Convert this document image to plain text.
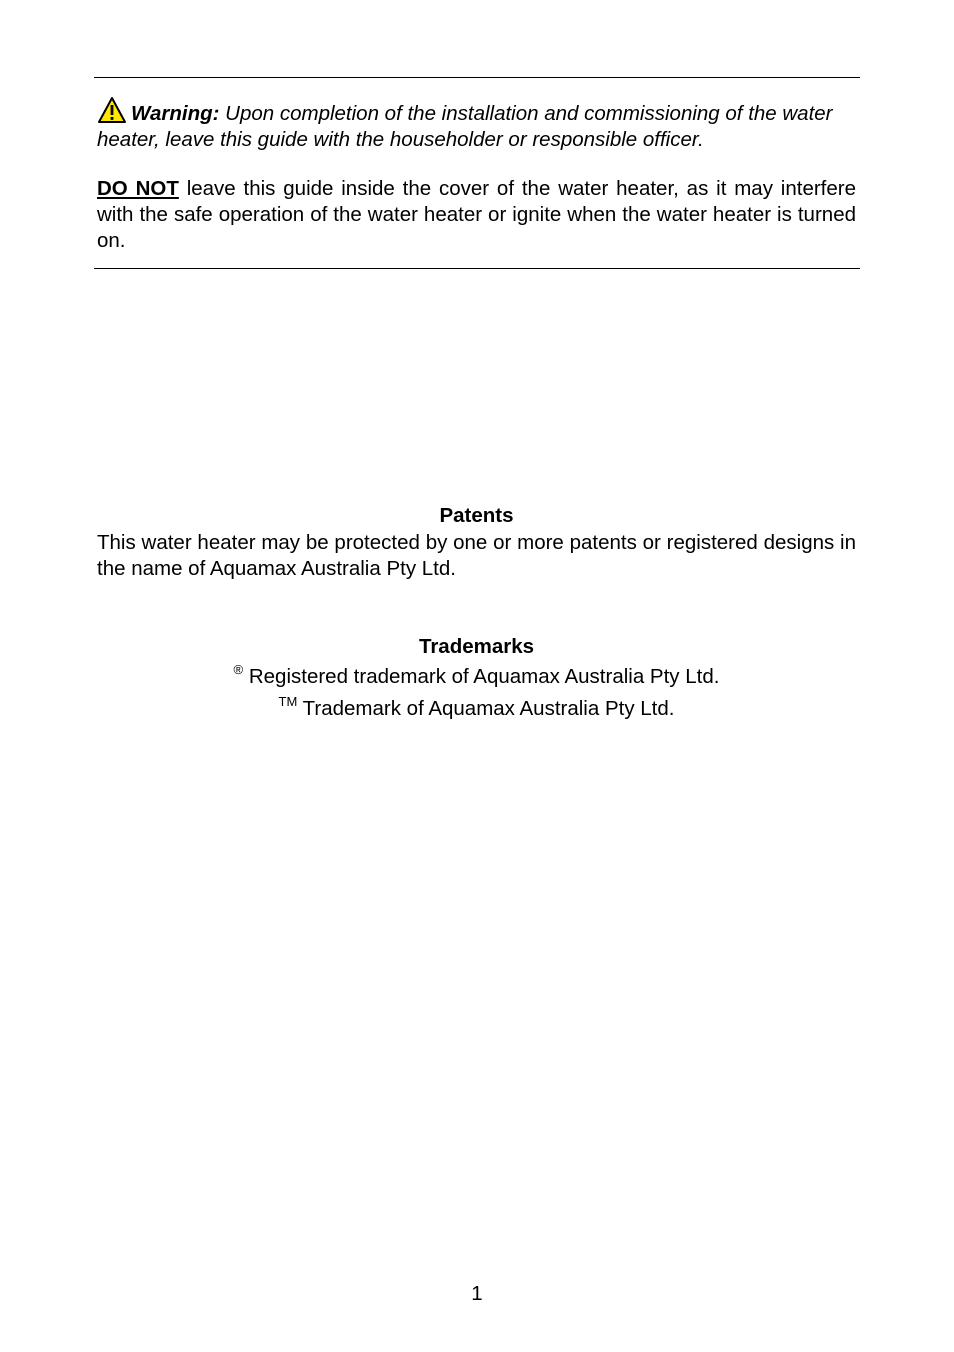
Warning: Upon completion of the installation and commissioning of the water heater, leave this guide with the householder or responsible officer.
DO NOT leave this guide inside the cover of the water heater, as it may interfere with the safe operation of the water heater or ignite when the water heater is turned on.
Patents
This water heater may be protected by one or more patents or registered designs in the name of Aquamax Australia Pty Ltd.
Trademarks
® Registered trademark of Aquamax Australia Pty Ltd.
™ Trademark of Aquamax Australia Pty Ltd.
1
